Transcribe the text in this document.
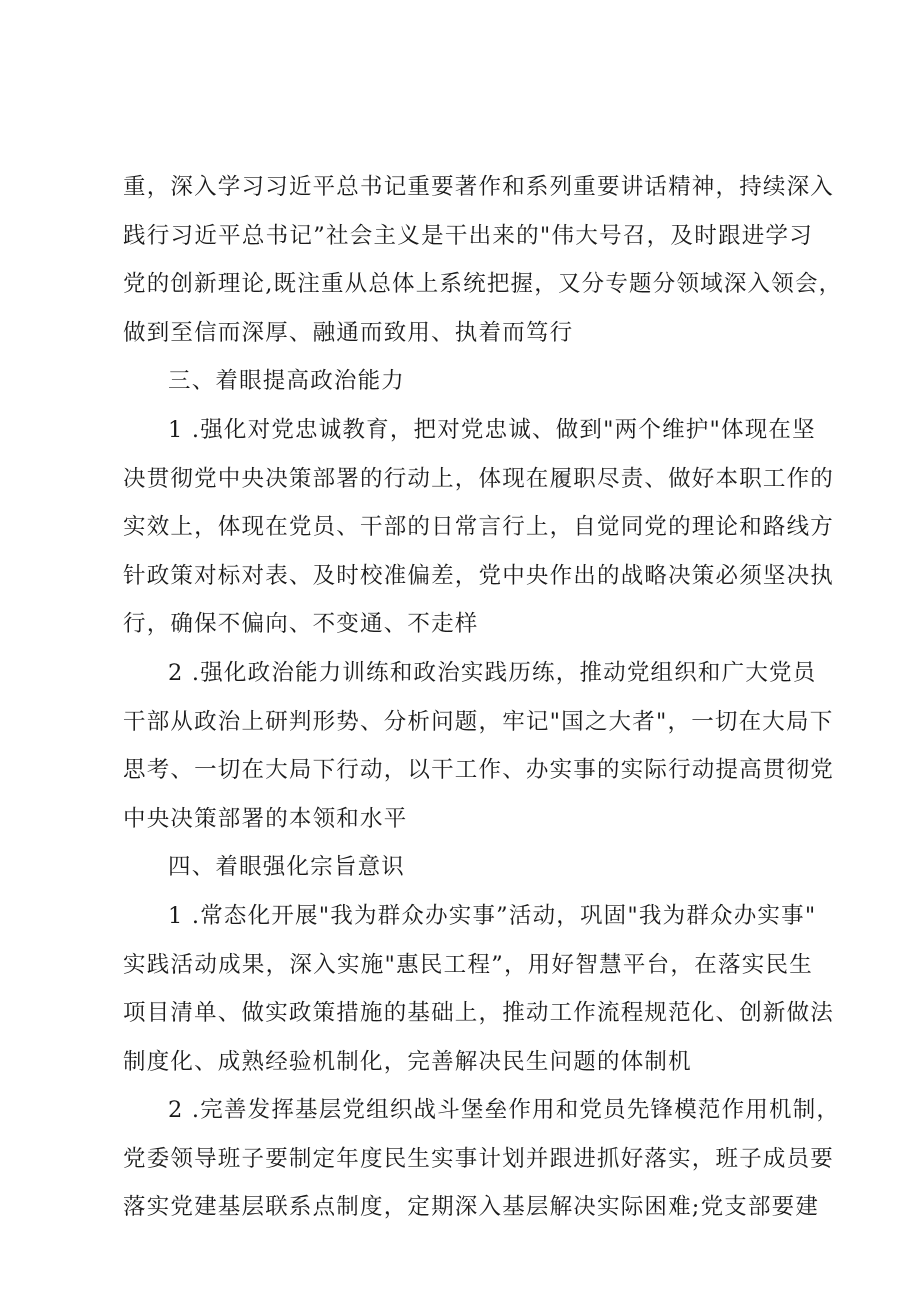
重，深入学习习近平总书记重要著作和系列重要讲话精神，持续深入
践行习近平总书记”社会主义是干出来的"伟大号召，及时跟进学习
党的创新理论,既注重从总体上系统把握，又分专题分领域深入领会，
做到至信而深厚、融通而致用、执着而笃行
三、着眼提高政治能力
1 .强化对党忠诚教育，把对党忠诚、做到"两个维护"体现在坚
决贯彻党中央决策部署的行动上，体现在履职尽责、做好本职工作的
实效上，体现在党员、干部的日常言行上，自觉同党的理论和路线方
针政策对标对表、及时校准偏差，党中央作出的战略决策必须坚决执
行，确保不偏向、不变通、不走样
2 .强化政治能力训练和政治实践历练，推动党组织和广大党员
干部从政治上研判形势、分析问题，牢记"国之大者"，一切在大局下
思考、一切在大局下行动，以干工作、办实事的实际行动提高贯彻党
中央决策部署的本领和水平
四、着眼强化宗旨意识
1 .常态化开展"我为群众办实事”活动，巩固"我为群众办实事"
实践活动成果，深入实施"惠民工程”，用好智慧平台，在落实民生
项目清单、做实政策措施的基础上，推动工作流程规范化、创新做法
制度化、成熟经验机制化，完善解决民生问题的体制机
2 .完善发挥基层党组织战斗堡垒作用和党员先锋模范作用机制，
党委领导班子要制定年度民生实事计划并跟进抓好落实，班子成员要
落实党建基层联系点制度，定期深入基层解决实际困难;党支部要建
